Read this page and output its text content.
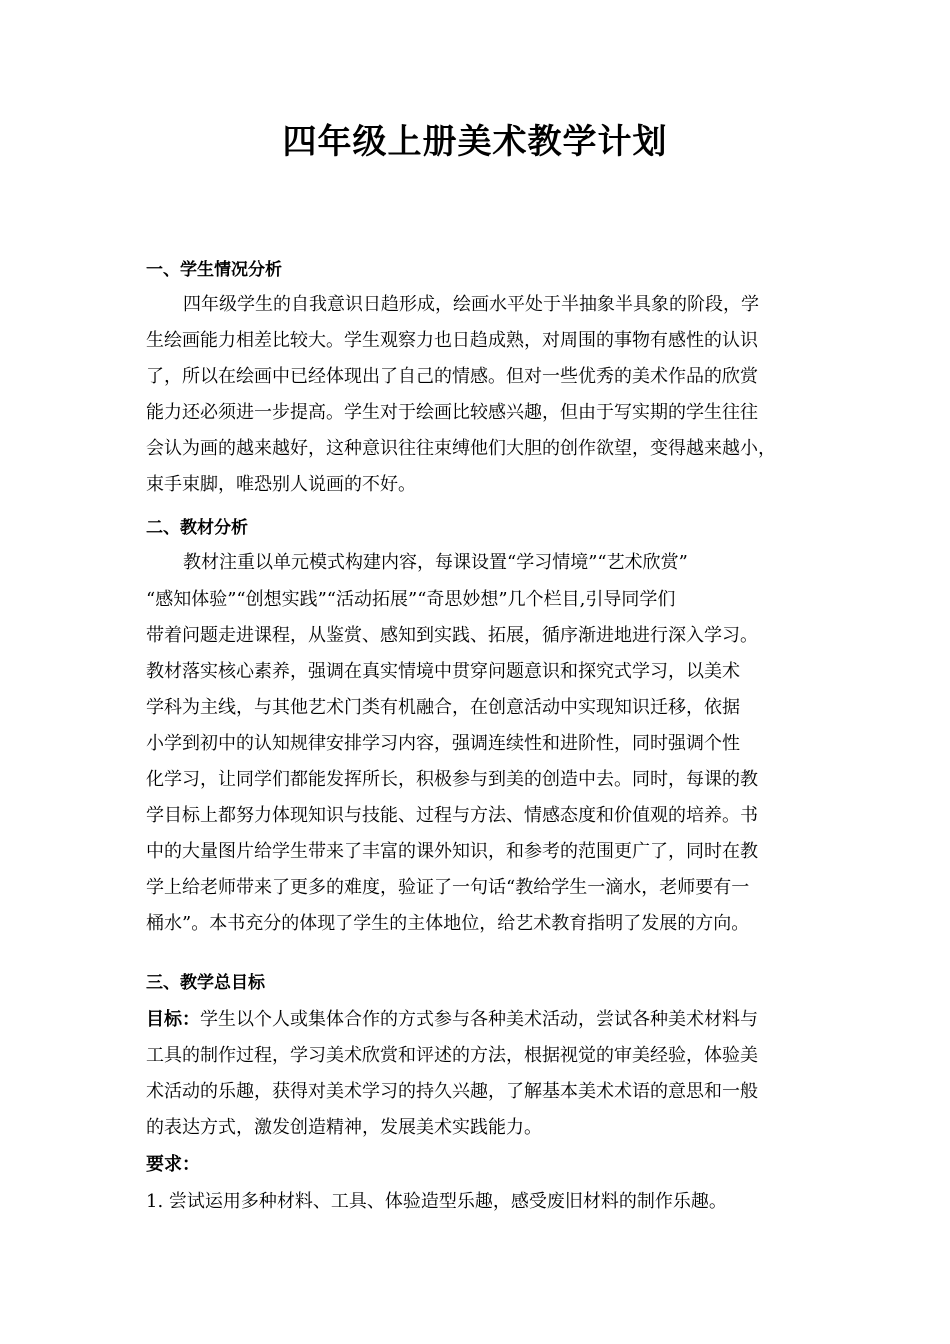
四年级上册美术教学计划

一、学生情况分析

四年级学生的自我意识日趋形成，绘画水平处于半抽象半具象的阶段，学

生绘画能力相差比较大。学生观察力也日趋成熟，对周围的事物有感性的认识

了，所以在绘画中已经体现出了自己的情感。但对一些优秀的美术作品的欣赏

能力还必须进一步提高。学生对于绘画比较感兴趣，但由于写实期的学生往往

会认为画的越来越好，这种意识往往束缚他们大胆的创作欲望，变得越来越小，

束手束脚，唯恐别人说画的不好。

二、教材分析

教材注重以单元模式构建内容，每课设置“学习情境”“艺术欣赏”

“感知体验”“创想实践”“活动拓展”“奇思妙想”几个栏目,引导同学们

带着问题走进课程，从鉴赏、感知到实践、拓展，循序渐进地进行深入学习。

教材落实核心素养，强调在真实情境中贯穿问题意识和探究式学习，以美术

学科为主线，与其他艺术门类有机融合，在创意活动中实现知识迁移，依据

小学到初中的认知规律安排学习内容，强调连续性和进阶性，同时强调个性

化学习，让同学们都能发挥所长，积极参与到美的创造中去。同时，每课的教

学目标上都努力体现知识与技能、过程与方法、情感态度和价值观的培养。书

中的大量图片给学生带来了丰富的课外知识，和参考的范围更广了，同时在教

学上给老师带来了更多的难度，验证了一句话“教给学生一滴水，老师要有一

桶水”。本书充分的体现了学生的主体地位，给艺术教育指明了发展的方向。

三、教学总目标

目标：学生以个人或集体合作的方式参与各种美术活动，尝试各种美术材料与

工具的制作过程，学习美术欣赏和评述的方法，根据视觉的审美经验，体验美

术活动的乐趣，获得对美术学习的持久兴趣，了解基本美术术语的意思和一般

的表达方式，激发创造精神，发展美术实践能力。

要求：

1. 尝试运用多种材料、工具、体验造型乐趣，感受废旧材料的制作乐趣。
